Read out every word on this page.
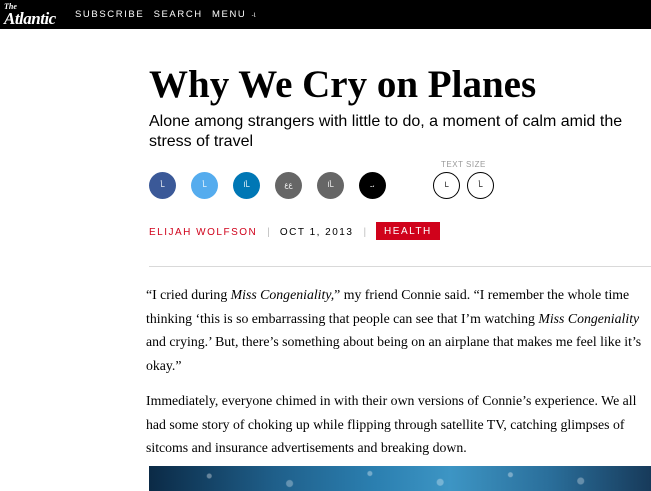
The
Atlantic SUBSCRIBE SEARCH MENU -ﺎ
Why We Cry on Planes

Alone among strangers with little to do, a moment of calm amid the stress of travel

ـأ	ـأ	ـأا	ﻉﻉ	ـأا	ـ،
TEXT SIZE
ـﺎ	ـأ
ELIJAH WOLFSON | OCT 1, 2013 | HEALTH

“I cried during Miss Congeniality,” my friend Connie said. “I remember the whole time thinking ‘this is so embarrassing that people can see that I’m watching Miss Congeniality and crying.’ But, there’s something about being on an airplane that makes me feel like it’s okay.”

Immediately, everyone chimed in with their own versions of Connie’s experience. We all had some story of choking up while flipping through satellite TV, catching glimpses of sitcoms and insurance advertisements and breaking down.
